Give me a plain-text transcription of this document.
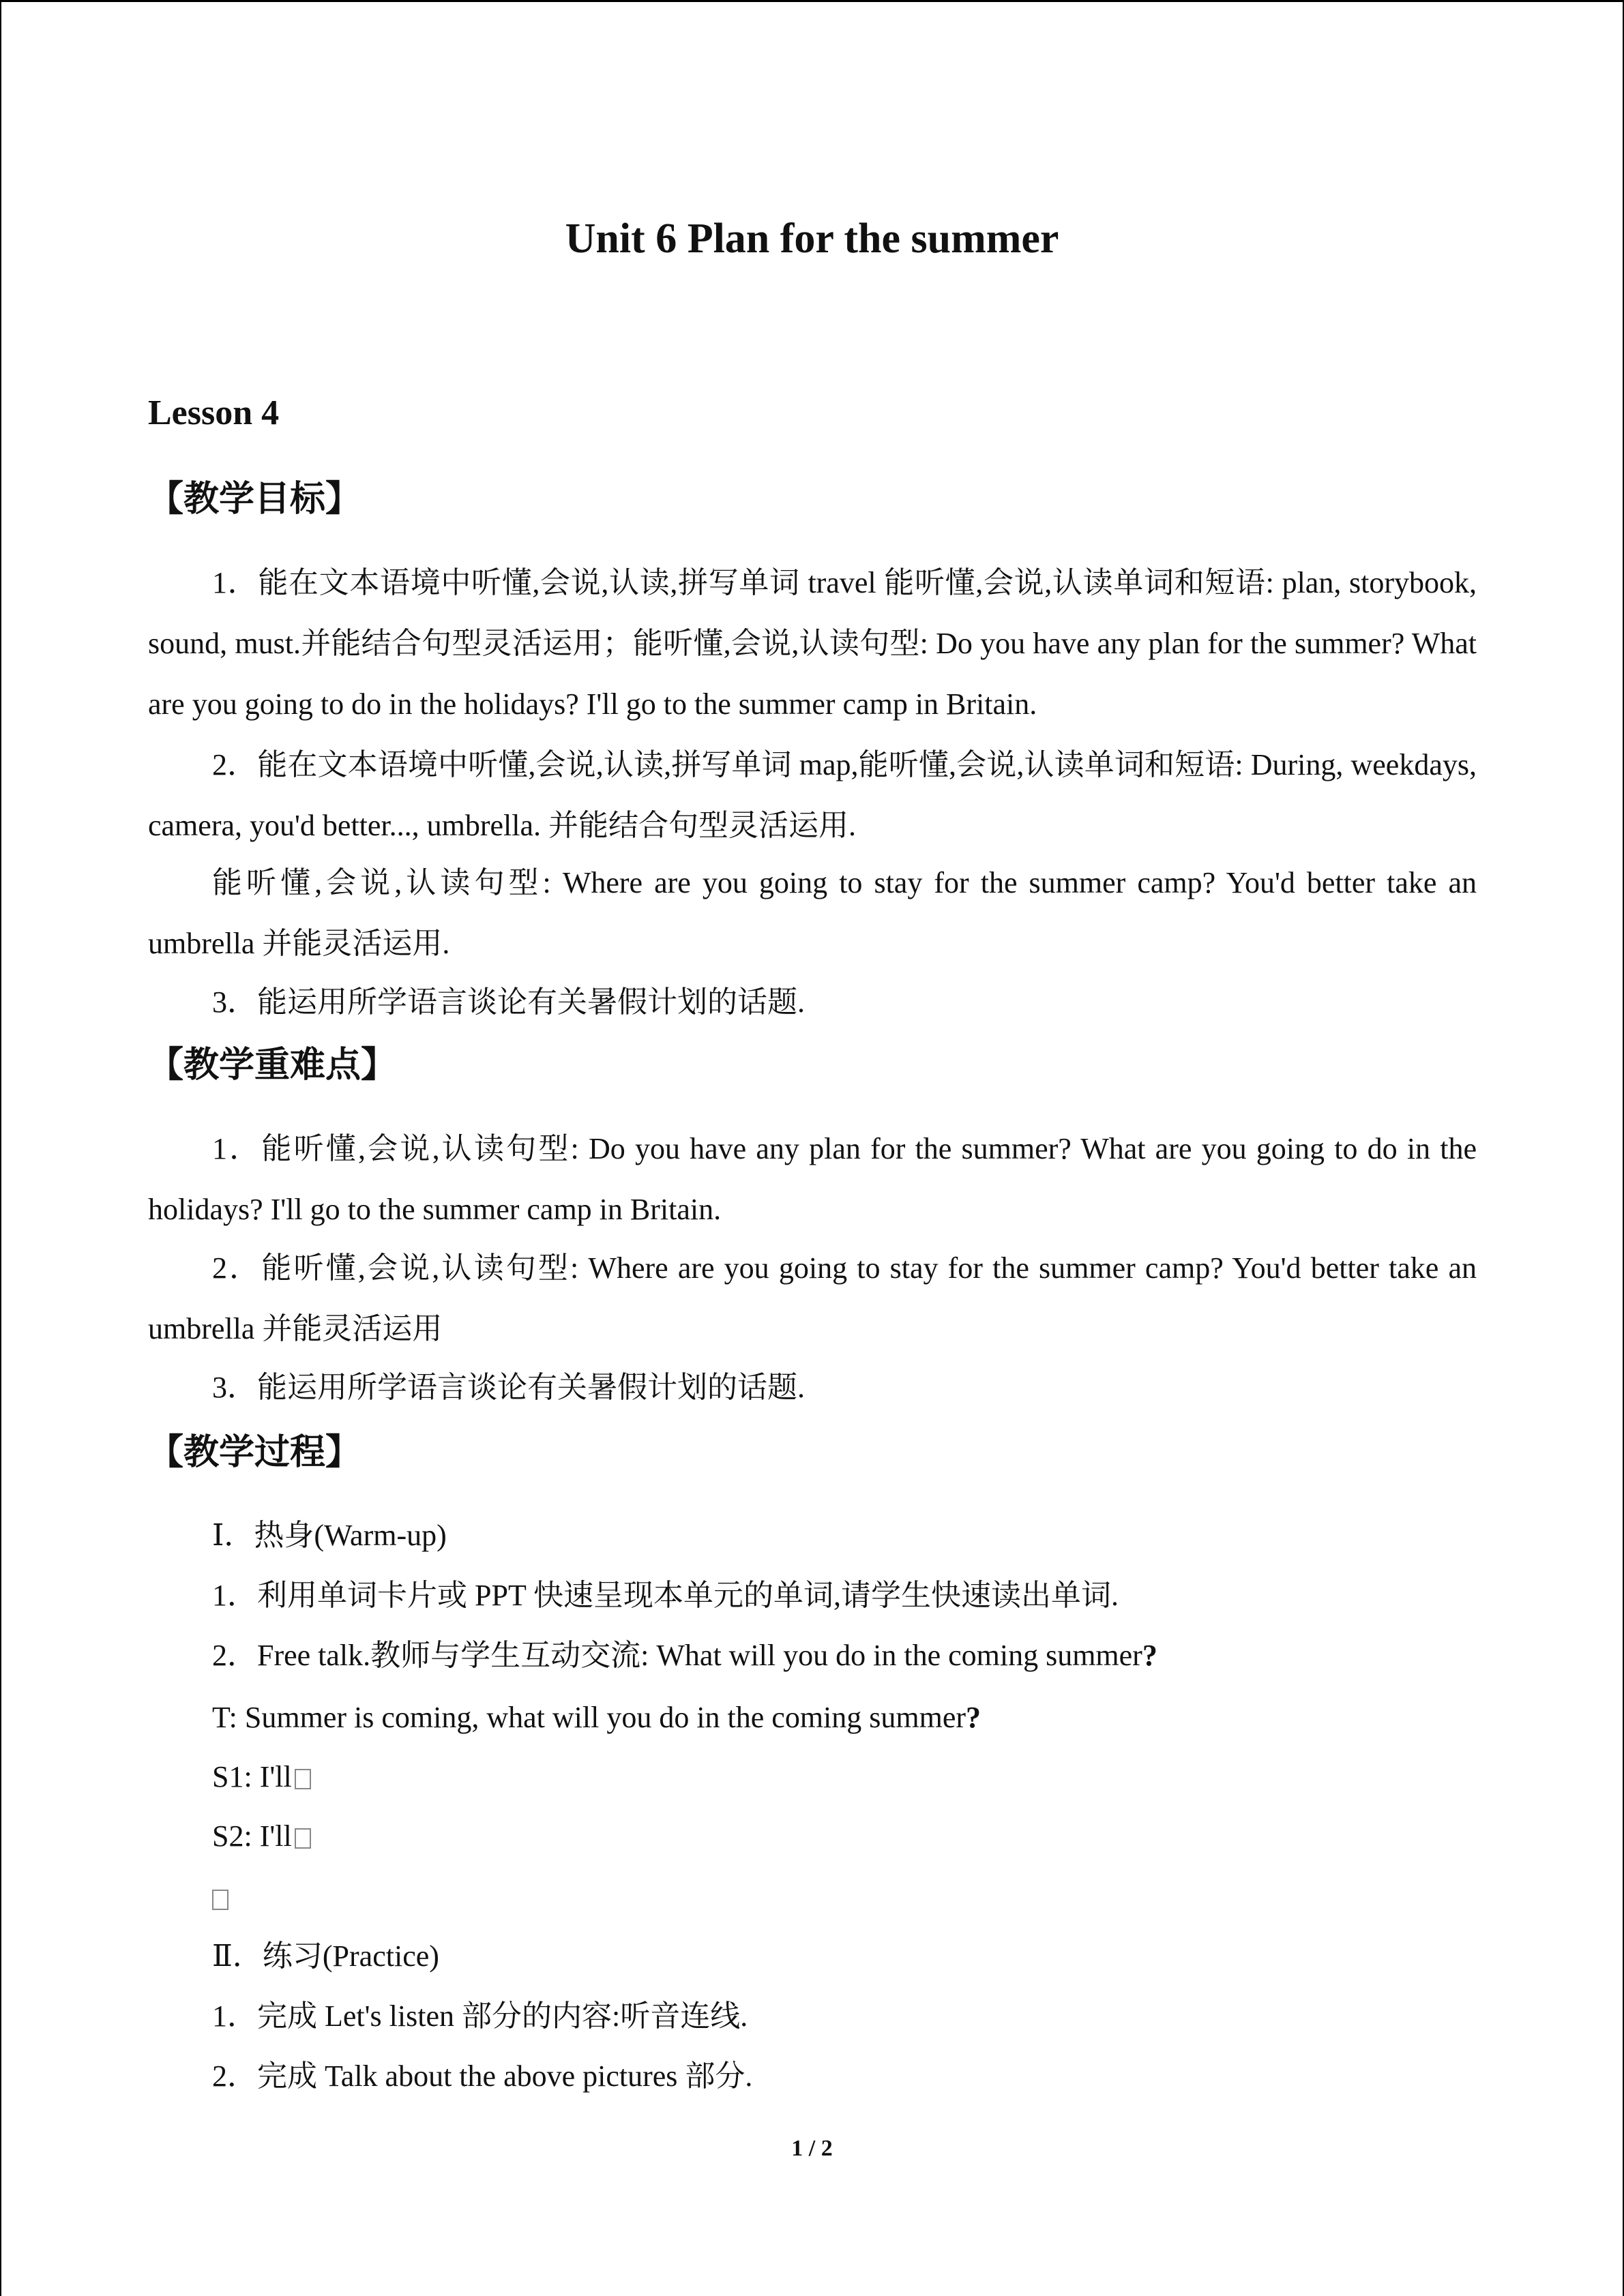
Unit 6 Plan for the summer
Lesson 4
【教学目标】
1．能在文本语境中听懂,会说,认读,拼写单词 travel 能听懂,会说,认读单词和短语: plan, storybook, sound, must.并能结合句型灵活运用；能听懂,会说,认读句型: Do you have any plan for the summer? What are you going to do in the holidays? I'll go to the summer camp in Britain.
2．能在文本语境中听懂,会说,认读,拼写单词 map,能听懂,会说,认读单词和短语: During, weekdays, camera, you'd better..., umbrella. 并能结合句型灵活运用.
能听懂,会说,认读句型: Where are you going to stay for the summer camp? You'd better take an umbrella 并能灵活运用.
3．能运用所学语言谈论有关暑假计划的话题.
【教学重难点】
1．能听懂,会说,认读句型: Do you have any plan for the summer? What are you going to do in the holidays? I'll go to the summer camp in Britain.
2．能听懂,会说,认读句型: Where are you going to stay for the summer camp? You'd better take an umbrella 并能灵活运用
3．能运用所学语言谈论有关暑假计划的话题.
【教学过程】
Ⅰ．热身(Warm-up)
1．利用单词卡片或 PPT 快速呈现本单元的单词,请学生快速读出单词.
2．Free talk.教师与学生互动交流: What will you do in the coming summer?
T: Summer is coming, what will you do in the coming summer?
S1: I'll
S2: I'll
Ⅱ．练习(Practice)
1．完成 Let's listen 部分的内容:听音连线.
2．完成 Talk about the above pictures 部分.
1 / 2
